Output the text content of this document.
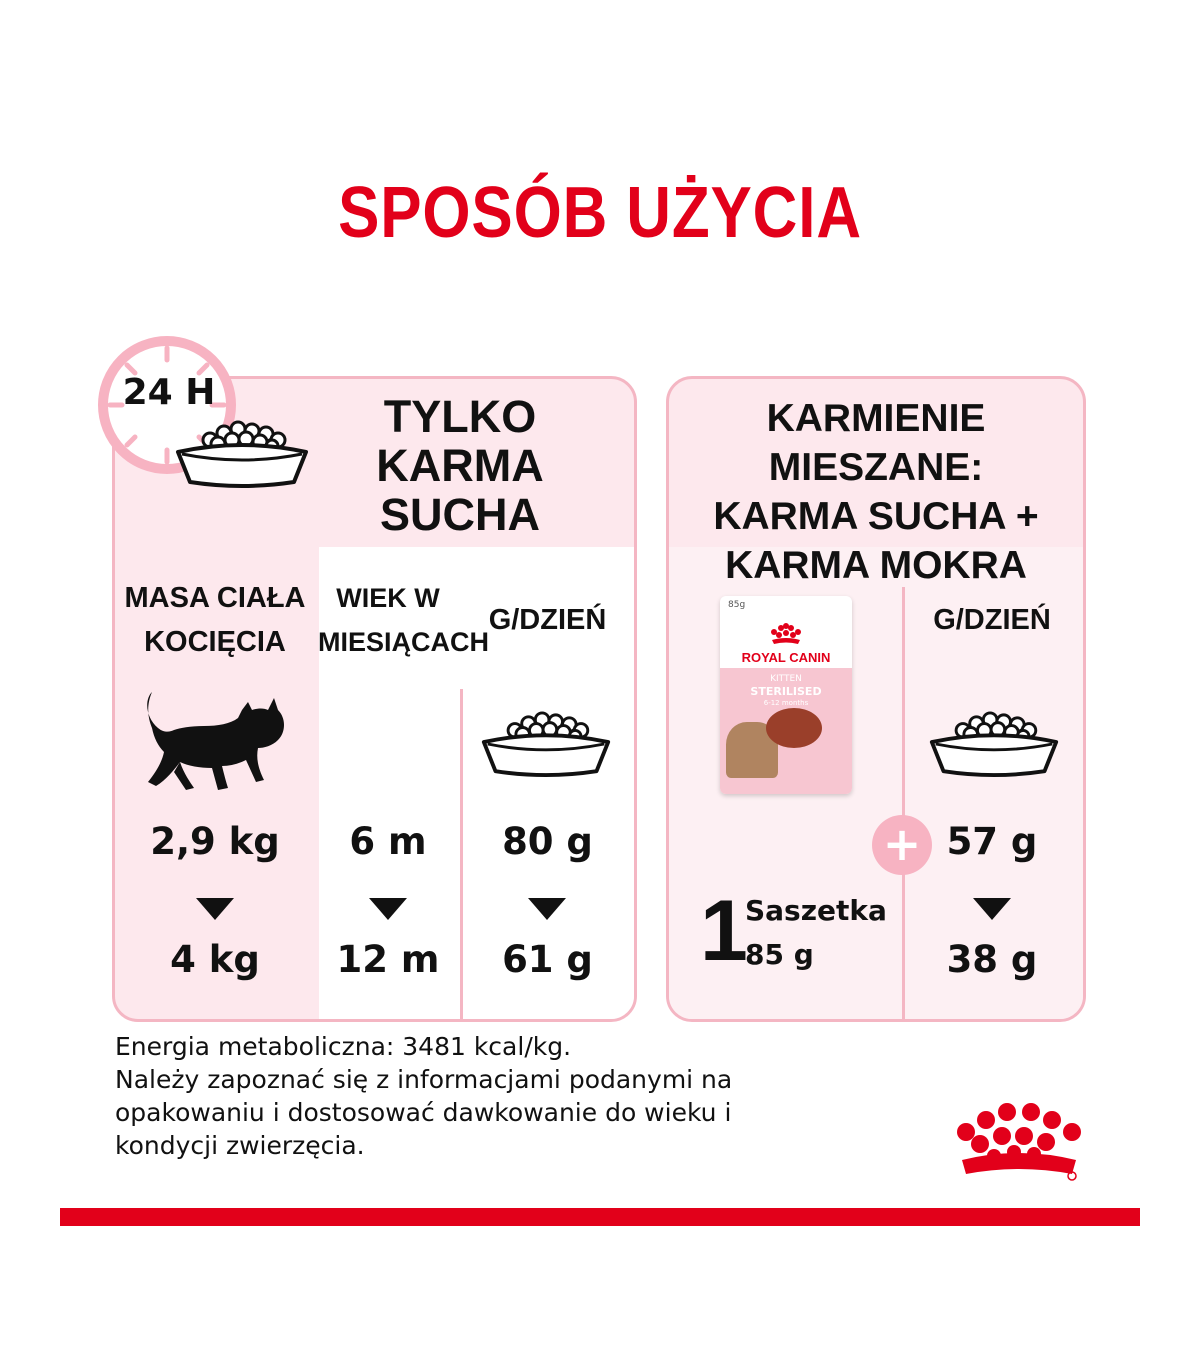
SPOSÓB UŻYCIA
24 H	TYLKO
KARMA
SUCHA
MASA CIAŁA
KOCIĘCIA
WIEK W
MIESIĄCACH
G/DZIEŃ
2,9 kg
4 kg
6 m
12 m
80 g
61 g
KARMIENIE MIESZANE:
KARMA SUCHA +
KARMA MOKRA
85g
ROYAL CANIN
KITTEN
STERILISED
6-12 months
G/DZIEŃ
+
1
Saszetka
85 g
57 g
38 g
Energia metaboliczna: 3481 kcal/kg.
Należy zapoznać się z informacjami podanymi na
opakowaniu i dostosować dawkowanie do wieku i
kondycji zwierzęcia.
